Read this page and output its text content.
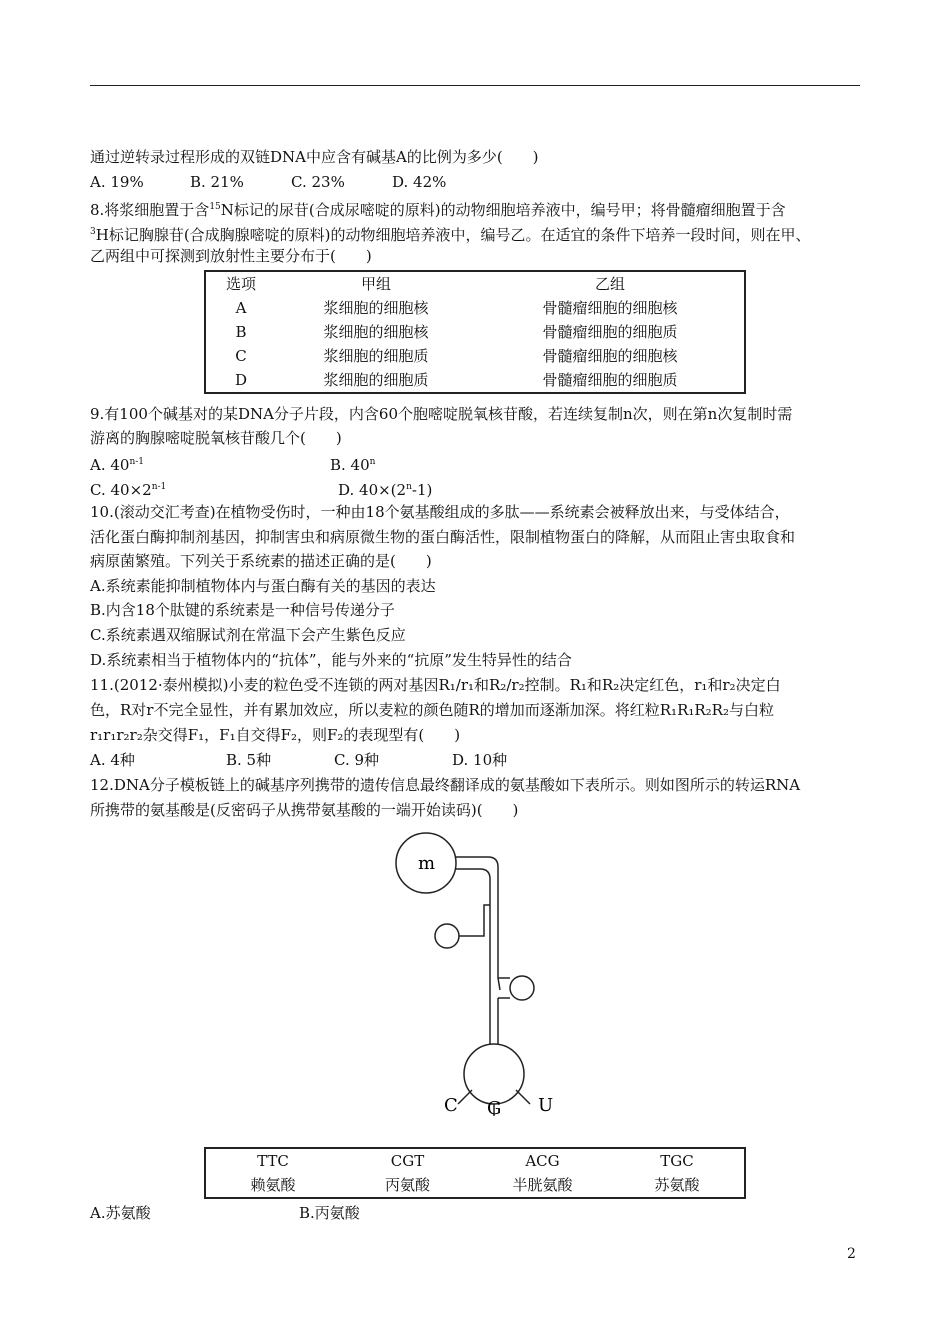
通过逆转录过程形成的双链DNA中应含有碱基A的比例为多少(　　)
A. 19%	B. 21%	C. 23%	D. 42%
8.将浆细胞置于含$^{15}$N标记的尿苷(合成尿嘧啶的原料)的动物细胞培养液中，编号甲；将骨髓瘤细胞置于含
$^3$H标记胸腺苷(合成胸腺嘧啶的原料)的动物细胞培养液中，编号乙。在适宜的条件下培养一段时间，则在甲、
乙两组中可探测到放射性主要分布于(　　)
选项	甲组	乙组
A	浆细胞的细胞核	骨髓瘤细胞的细胞核
B	浆细胞的细胞核	骨髓瘤细胞的细胞质
C	浆细胞的细胞质	骨髓瘤细胞的细胞核
D	浆细胞的细胞质	骨髓瘤细胞的细胞质
9.有100个碱基对的某DNA分子片段，内含60个胞嘧啶脱氧核苷酸，若连续复制n次，则在第n次复制时需
游离的胸腺嘧啶脱氧核苷酸几个(　　)
A. 40$^{n-1}$	B. 40$^n$
C. $40\times 2^{n-1}$	D. $40\times(2^n-1)$
10.(滚动交汇考查)在植物受伤时，一种由18个氨基酸组成的多肽——系统素会被释放出来，与受体结合，
活化蛋白酶抑制剂基因，抑制害虫和病原微生物的蛋白酶活性，限制植物蛋白的降解，从而阻止害虫取食和
病原菌繁殖。下列关于系统素的描述正确的是(　　)
A.系统素能抑制植物体内与蛋白酶有关的基因的表达
B.内含18个肽键的系统素是一种信号传递分子
C.系统素遇双缩脲试剂在常温下会产生紫色反应
D.系统素相当于植物体内的“抗体”，能与外来的“抗原”发生特异性的结合
11.(2012·泰州模拟)小麦的粒色受不连锁的两对基因R₁/r₁和R₂/r₂控制。R₁和R₂决定红色，r₁和r₂决定白
色，R对r不完全显性，并有累加效应，所以麦粒的颜色随R的增加而逐渐加深。将红粒R₁R₁R₂R₂与白粒
r₁r₁r₂r₂杂交得F₁，F₁自交得F₂，则F₂的表现型有(　　)
A. 4种	B. 5种	C. 9种	D. 10种
12.DNA分子模板链上的碱基序列携带的遗传信息最终翻译成的氨基酸如下表所示。则如图所示的转运RNA
所携带的氨基酸是(反密码子从携带氨基酸的一端开始读码)(　　)
m
C G U
TTC	CGT	ACG	TGC
赖氨酸	丙氨酸	半胱氨酸	苏氨酸
A.苏氨酸	B.丙氨酸
2
